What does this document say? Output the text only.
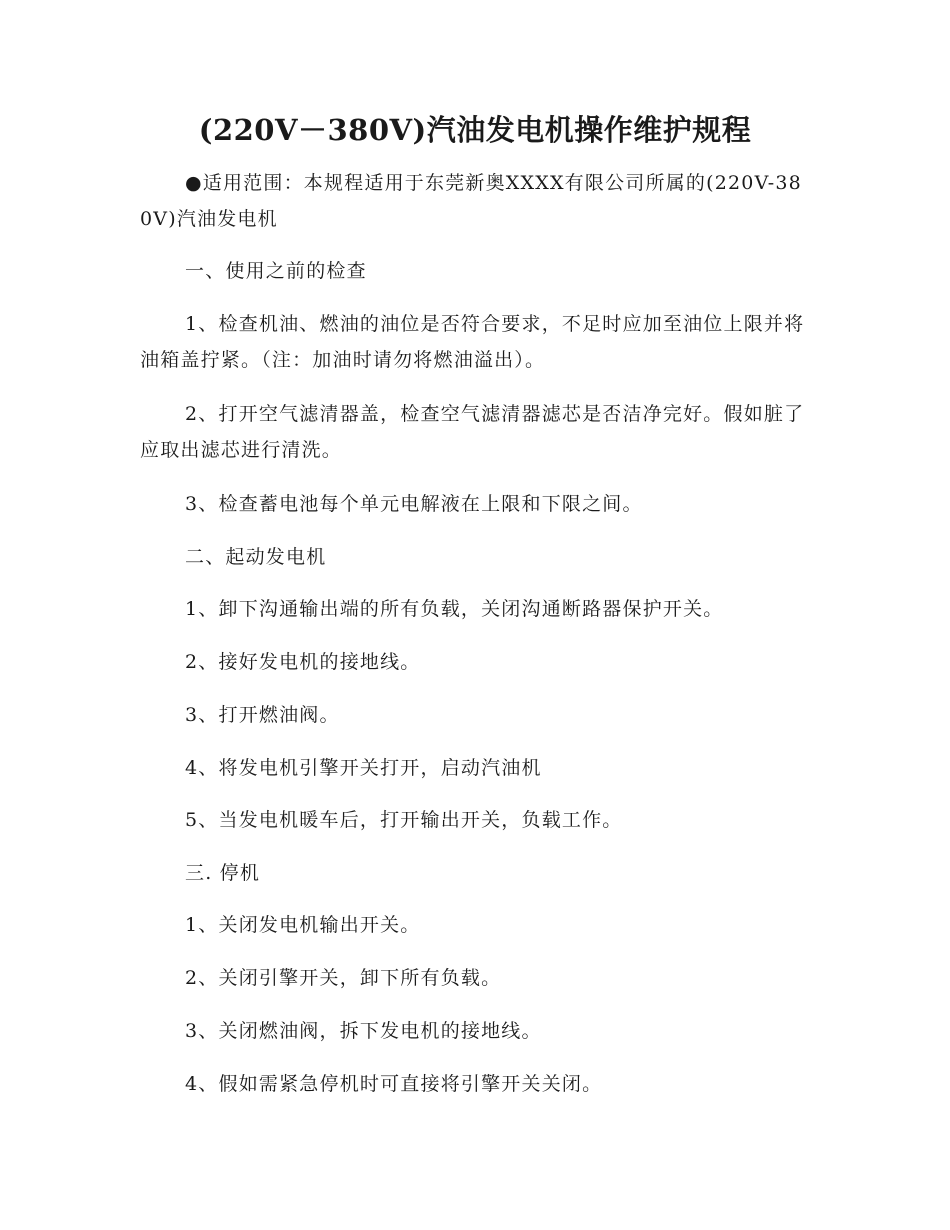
(220V－380V)汽油发电机操作维护规程

●适用范围：本规程适用于东莞新奥XXXX有限公司所属的(220V-380V)汽油发电机

一、使用之前的检查

1、检查机油、燃油的油位是否符合要求，不足时应加至油位上限并将油箱盖拧紧。（注：加油时请勿将燃油溢出）。

2、打开空气滤清器盖，检查空气滤清器滤芯是否洁净完好。假如脏了应取出滤芯进行清洗。

3、检查蓄电池每个单元电解液在上限和下限之间。

二、起动发电机

1、卸下沟通输出端的所有负载，关闭沟通断路器保护开关。

2、接好发电机的接地线。

3、打开燃油阀。

4、将发电机引擎开关打开，启动汽油机

5、当发电机暖车后，打开输出开关，负载工作。

三. 停机

1、关闭发电机输出开关。

2、关闭引擎开关，卸下所有负载。

3、关闭燃油阀，拆下发电机的接地线。

4、假如需紧急停机时可直接将引擎开关关闭。
